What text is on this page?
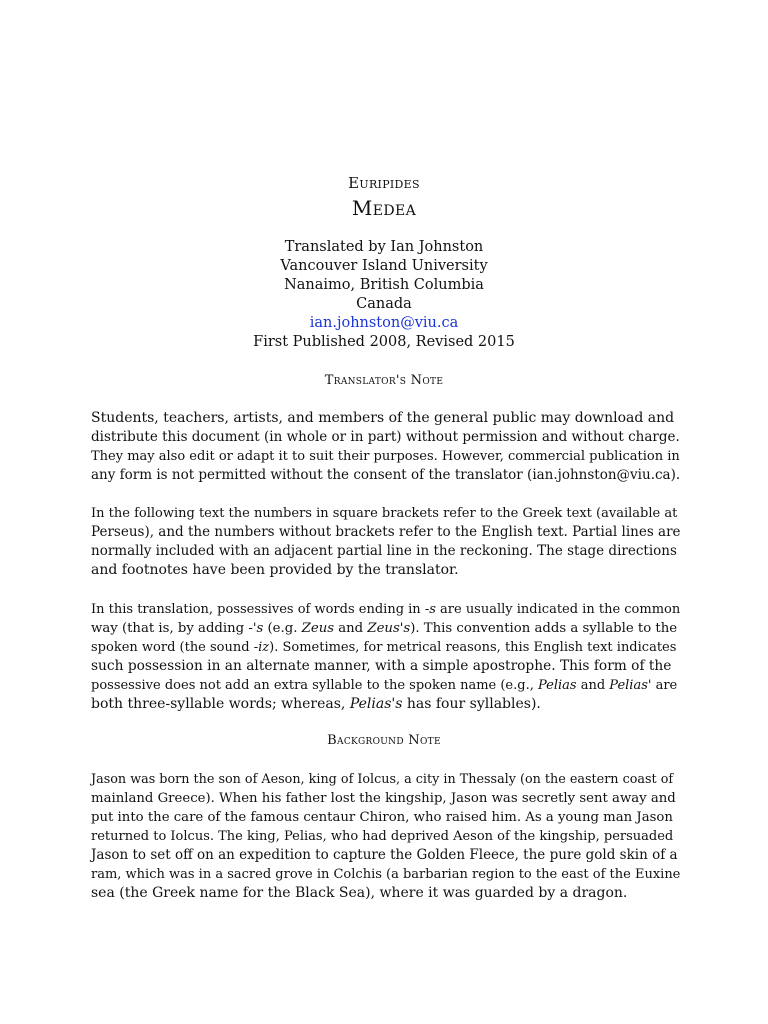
Euripides
Medea
Translated by Ian Johnston
Vancouver Island University
Nanaimo, British Columbia
Canada
ian.johnston@viu.ca
First Published 2008, Revised 2015
Translator's Note
Students, teachers, artists, and members of the general public may download and
distribute this document (in whole or in part) without permission and without charge.
They may also edit or adapt it to suit their purposes. However, commercial publication in
any form is not permitted without the consent of the translator (ian.johnston@viu.ca).
In the following text the numbers in square brackets refer to the Greek text (available at
Perseus), and the numbers without brackets refer to the English text. Partial lines are
normally included with an adjacent partial line in the reckoning. The stage directions
and footnotes have been provided by the translator.
In this translation, possessives of words ending in -s are usually indicated in the common
way (that is, by adding -'s (e.g. Zeus and Zeus's). This convention adds a syllable to the
spoken word (the sound -iz). Sometimes, for metrical reasons, this English text indicates
such possession in an alternate manner, with a simple apostrophe. This form of the
possessive does not add an extra syllable to the spoken name (e.g., Pelias and Pelias' are
both three-syllable words; whereas, Pelias's has four syllables).
Background Note
Jason was born the son of Aeson, king of Iolcus, a city in Thessaly (on the eastern coast of
mainland Greece). When his father lost the kingship, Jason was secretly sent away and
put into the care of the famous centaur Chiron, who raised him. As a young man Jason
returned to Iolcus. The king, Pelias, who had deprived Aeson of the kingship, persuaded
Jason to set off on an expedition to capture the Golden Fleece, the pure gold skin of a
ram, which was in a sacred grove in Colchis (a barbarian region to the east of the Euxine
sea (the Greek name for the Black Sea), where it was guarded by a dragon.
